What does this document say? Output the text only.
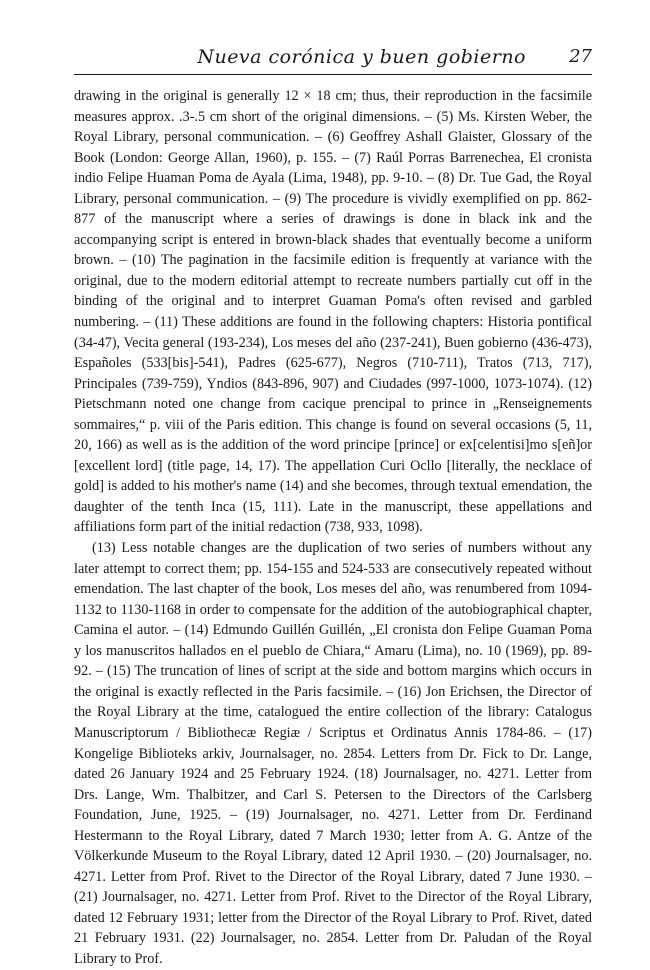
Nueva corónica y buen gobierno 27

drawing in the original is generally 12 × 18 cm; thus, their reproduction in the facsimile measures approx. .3-.5 cm short of the original dimensions. – (5) Ms. Kirsten Weber, the Royal Library, personal communication. – (6) Geoffrey Ashall Glaister, Glossary of the Book (London: George Allan, 1960), p. 155. – (7) Raúl Porras Barrenechea, El cronista indio Felipe Huaman Poma de Ayala (Lima, 1948), pp. 9-10. – (8) Dr. Tue Gad, the Royal Library, personal communication. – (9) The procedure is vividly exemplified on pp. 862-877 of the manuscript where a series of drawings is done in black ink and the accompanying script is entered in brown-black shades that eventually become a uniform brown. – (10) The pagination in the facsimile edition is frequently at variance with the original, due to the modern editorial attempt to recreate numbers partially cut off in the binding of the original and to interpret Guaman Poma's often revised and garbled numbering. – (11) These additions are found in the following chapters: Historia pontifical (34-47), Vecita general (193-234), Los meses del año (237-241), Buen gobierno (436-473), Españoles (533[bis]-541), Padres (625-677), Negros (710-711), Tratos (713, 717), Principales (739-759), Yndios (843-896, 907) and Ciudades (997-1000, 1073-1074). (12) Pietschmann noted one change from cacique prencipal to prince in „Renseignements sommaires,“ p. viii of the Paris edition. This change is found on several occasions (5, 11, 20, 166) as well as is the addition of the word principe [prince] or ex[celentisi]mo s[eñ]or [excellent lord] (title page, 14, 17). The appellation Curi Ocllo [literally, the necklace of gold] is added to his mother's name (14) and she becomes, through textual emendation, the daughter of the tenth Inca (15, 111). Late in the manuscript, these appellations and affiliations form part of the initial redaction (738, 933, 1098).

(13) Less notable changes are the duplication of two series of numbers without any later attempt to correct them; pp. 154-155 and 524-533 are consecutively repeated without emendation. The last chapter of the book, Los meses del año, was renumbered from 1094-1132 to 1130-1168 in order to compensate for the addition of the autobiographical chapter, Camina el autor. – (14) Edmundo Guillén Guillén, „El cronista don Felipe Guaman Poma y los manuscritos hallados en el pueblo de Chiara,“ Amaru (Lima), no. 10 (1969), pp. 89-92. – (15) The truncation of lines of script at the side and bottom margins which occurs in the original is exactly reflected in the Paris facsimile. – (16) Jon Erichsen, the Director of the Royal Library at the time, catalogued the entire collection of the library: Catalogus Manuscriptorum / Bibliothecæ Regiæ / Scriptus et Ordinatus Annis 1784-86. – (17) Kongelige Biblioteks arkiv, Journalsager, no. 2854. Letters from Dr. Fick to Dr. Lange, dated 26 January 1924 and 25 February 1924. (18) Journalsager, no. 4271. Letter from Drs. Lange, Wm. Thalbitzer, and Carl S. Petersen to the Directors of the Carlsberg Foundation, June, 1925. – (19) Journalsager, no. 4271. Letter from Dr. Ferdinand Hestermann to the Royal Library, dated 7 March 1930; letter from A. G. Antze of the Völkerkunde Museum to the Royal Library, dated 12 April 1930. – (20) Journalsager, no. 4271. Letter from Prof. Rivet to the Director of the Royal Library, dated 7 June 1930. – (21) Journalsager, no. 4271. Letter from Prof. Rivet to the Director of the Royal Library, dated 12 February 1931; letter from the Director of the Royal Library to Prof. Rivet, dated 21 February 1931. (22) Journalsager, no. 2854. Letter from Dr. Paludan of the Royal Library to Prof.
